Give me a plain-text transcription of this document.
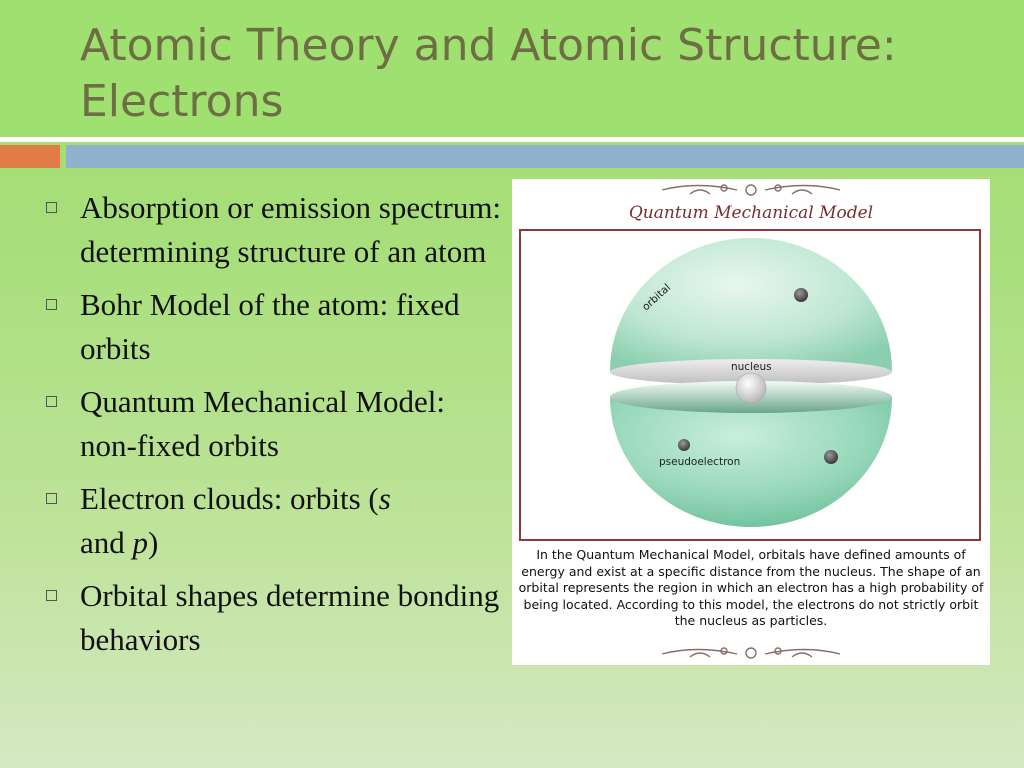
Atomic Theory and Atomic Structure:
Electrons
Absorption or emission spectrum: determining structure of an atom
Bohr Model of the atom: fixed orbits
Quantum Mechanical Model: non-fixed orbits
Electron clouds: orbits (s
and p)
Orbital shapes determine bonding behaviors
orbital
nucleus
pseudoelectron
Quantum Mechanical Model
In the Quantum Mechanical Model, orbitals have defined amounts of energy and exist at a specific distance from the nucleus. The shape of an orbital represents the region in which an electron has a high probability of being located. According to this model, the electrons do not strictly orbit the nucleus as particles.
